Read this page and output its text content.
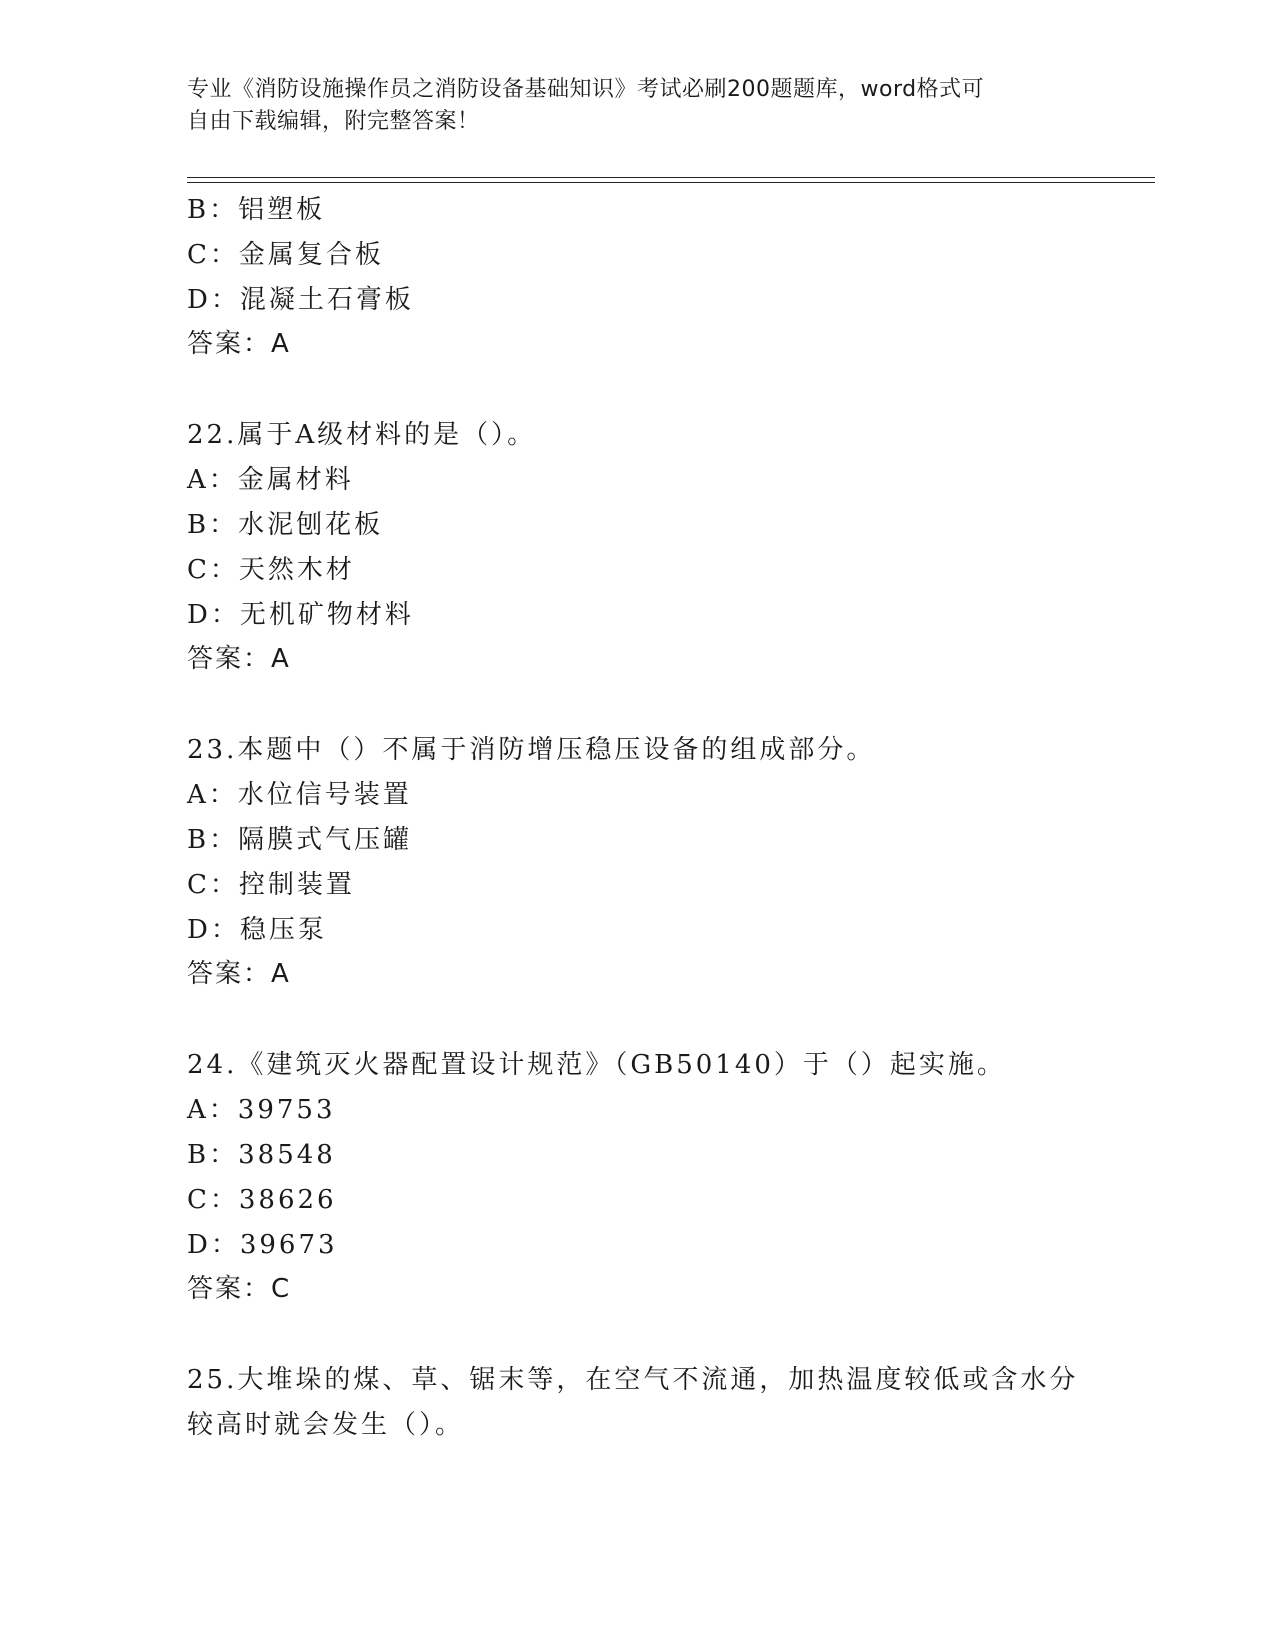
专业《消防设施操作员之消防设备基础知识》考试必刷200题题库，word格式可
自由下载编辑，附完整答案！
B：铝塑板
C：金属复合板
D：混凝土石膏板
答案：A
22.属于A级材料的是（）。
A：金属材料
B：水泥刨花板
C：天然木材
D：无机矿物材料
答案：A
23.本题中（）不属于消防增压稳压设备的组成部分。
A：水位信号装置
B：隔膜式气压罐
C：控制装置
D：稳压泵
答案：A
24.《建筑灭火器配置设计规范》（GB50140）于（）起实施。
A：39753
B：38548
C：38626
D：39673
答案：C
25.大堆垛的煤、草、锯末等，在空气不流通，加热温度较低或含水分
较高时就会发生（）。
